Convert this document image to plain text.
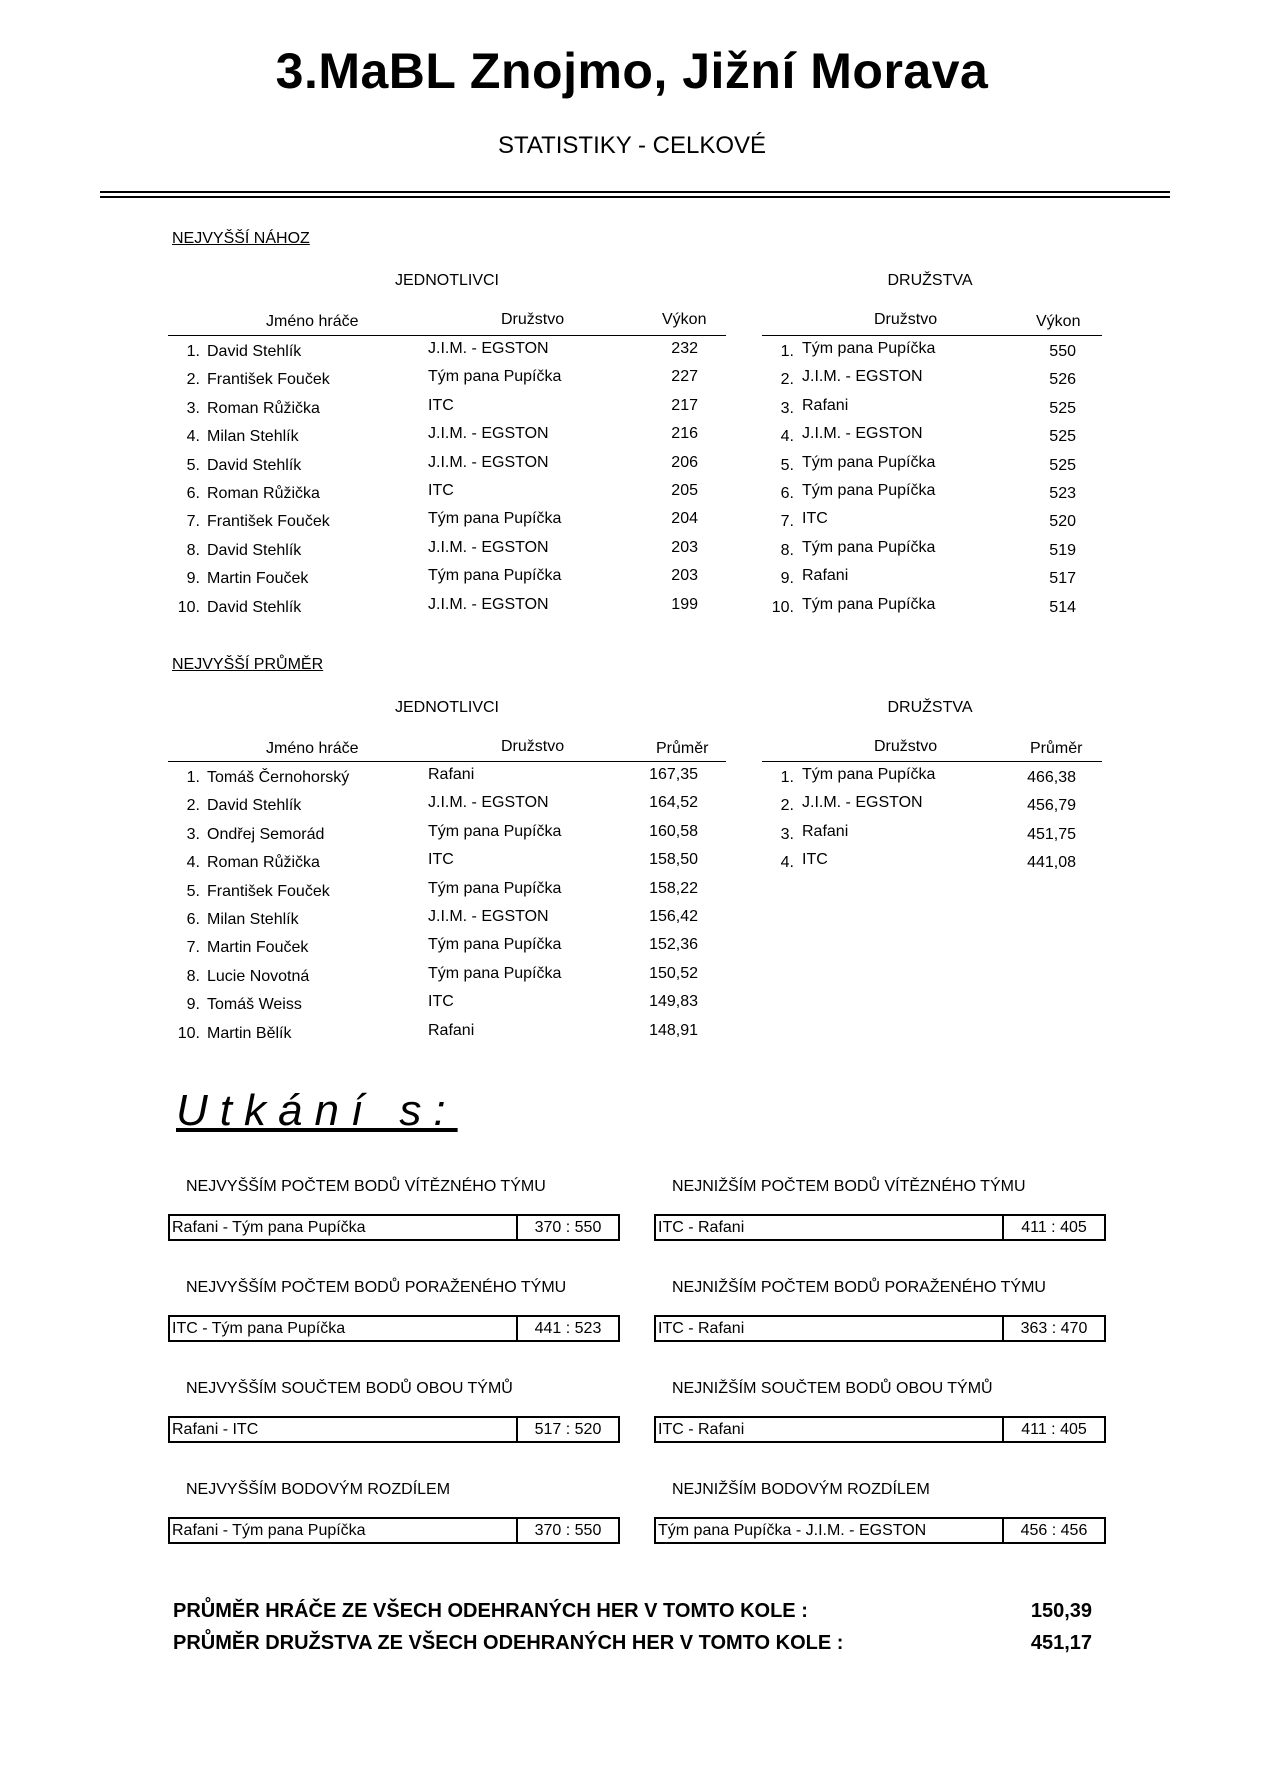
3.MaBL Znojmo, Jižní Morava
STATISTIKY - CELKOVÉ
NEJVYŠŠÍ NÁHOZ
JEDNOTLIVCI	DRUŽSTVA
Jméno hráče	Družstvo	Výkon	Družstvo	Výkon
1. David Stehlík	J.I.M. - EGSTON	232
2. František Fouček	Tým pana Pupíčka	227
3. Roman Růžička	ITC	217
4. Milan Stehlík	J.I.M. - EGSTON	216
5. David Stehlík	J.I.M. - EGSTON	206
6. Roman Růžička	ITC	205
7. František Fouček	Tým pana Pupíčka	204
8. David Stehlík	J.I.M. - EGSTON	203
9. Martin Fouček	Tým pana Pupíčka	203
10. David Stehlík	J.I.M. - EGSTON	199
1. Tým pana Pupíčka	550
2. J.I.M. - EGSTON	526
3. Rafani	525
4. J.I.M. - EGSTON	525
5. Tým pana Pupíčka	525
6. Tým pana Pupíčka	523
7. ITC	520
8. Tým pana Pupíčka	519
9. Rafani	517
10. Tým pana Pupíčka	514
NEJVYŠŠÍ PRŮMĚR
JEDNOTLIVCI	DRUŽSTVA
Jméno hráče	Družstvo	Průměr	Družstvo	Průměr
1. Tomáš Černohorský	Rafani	167,35
2. David Stehlík	J.I.M. - EGSTON	164,52
3. Ondřej Semorád	Tým pana Pupíčka	160,58
4. Roman Růžička	ITC	158,50
5. František Fouček	Tým pana Pupíčka	158,22
6. Milan Stehlík	J.I.M. - EGSTON	156,42
7. Martin Fouček	Tým pana Pupíčka	152,36
8. Lucie Novotná	Tým pana Pupíčka	150,52
9. Tomáš Weiss	ITC	149,83
10. Martin Bělík	Rafani	148,91
1. Tým pana Pupíčka	466,38
2. J.I.M. - EGSTON	456,79
3. Rafani	451,75
4. ITC	441,08
Utkání s:
NEJVYŠŠÍM POČTEM BODŮ VÍTĚZNÉHO TÝMU
Rafani - Tým pana Pupíčka	370 : 550
NEJVYŠŠÍM POČTEM BODŮ PORAŽENÉHO TÝMU
ITC - Tým pana Pupíčka	441 : 523
NEJVYŠŠÍM SOUČTEM BODŮ OBOU TÝMŮ
Rafani - ITC	517 : 520
NEJVYŠŠÍM BODOVÝM ROZDÍLEM
Rafani - Tým pana Pupíčka	370 : 550
NEJNIŽŠÍM POČTEM BODŮ VÍTĚZNÉHO TÝMU
ITC - Rafani	411 : 405
NEJNIŽŠÍM POČTEM BODŮ PORAŽENÉHO TÝMU
ITC - Rafani	363 : 470
NEJNIŽŠÍM SOUČTEM BODŮ OBOU TÝMŮ
ITC - Rafani	411 : 405
NEJNIŽŠÍM BODOVÝM ROZDÍLEM
Tým pana Pupíčka - J.I.M. - EGSTON	456 : 456
PRŮMĚR HRÁČE ZE VŠECH ODEHRANÝCH HER V TOMTO KOLE :	150,39
PRŮMĚR DRUŽSTVA ZE VŠECH ODEHRANÝCH HER V TOMTO KOLE :	451,17
